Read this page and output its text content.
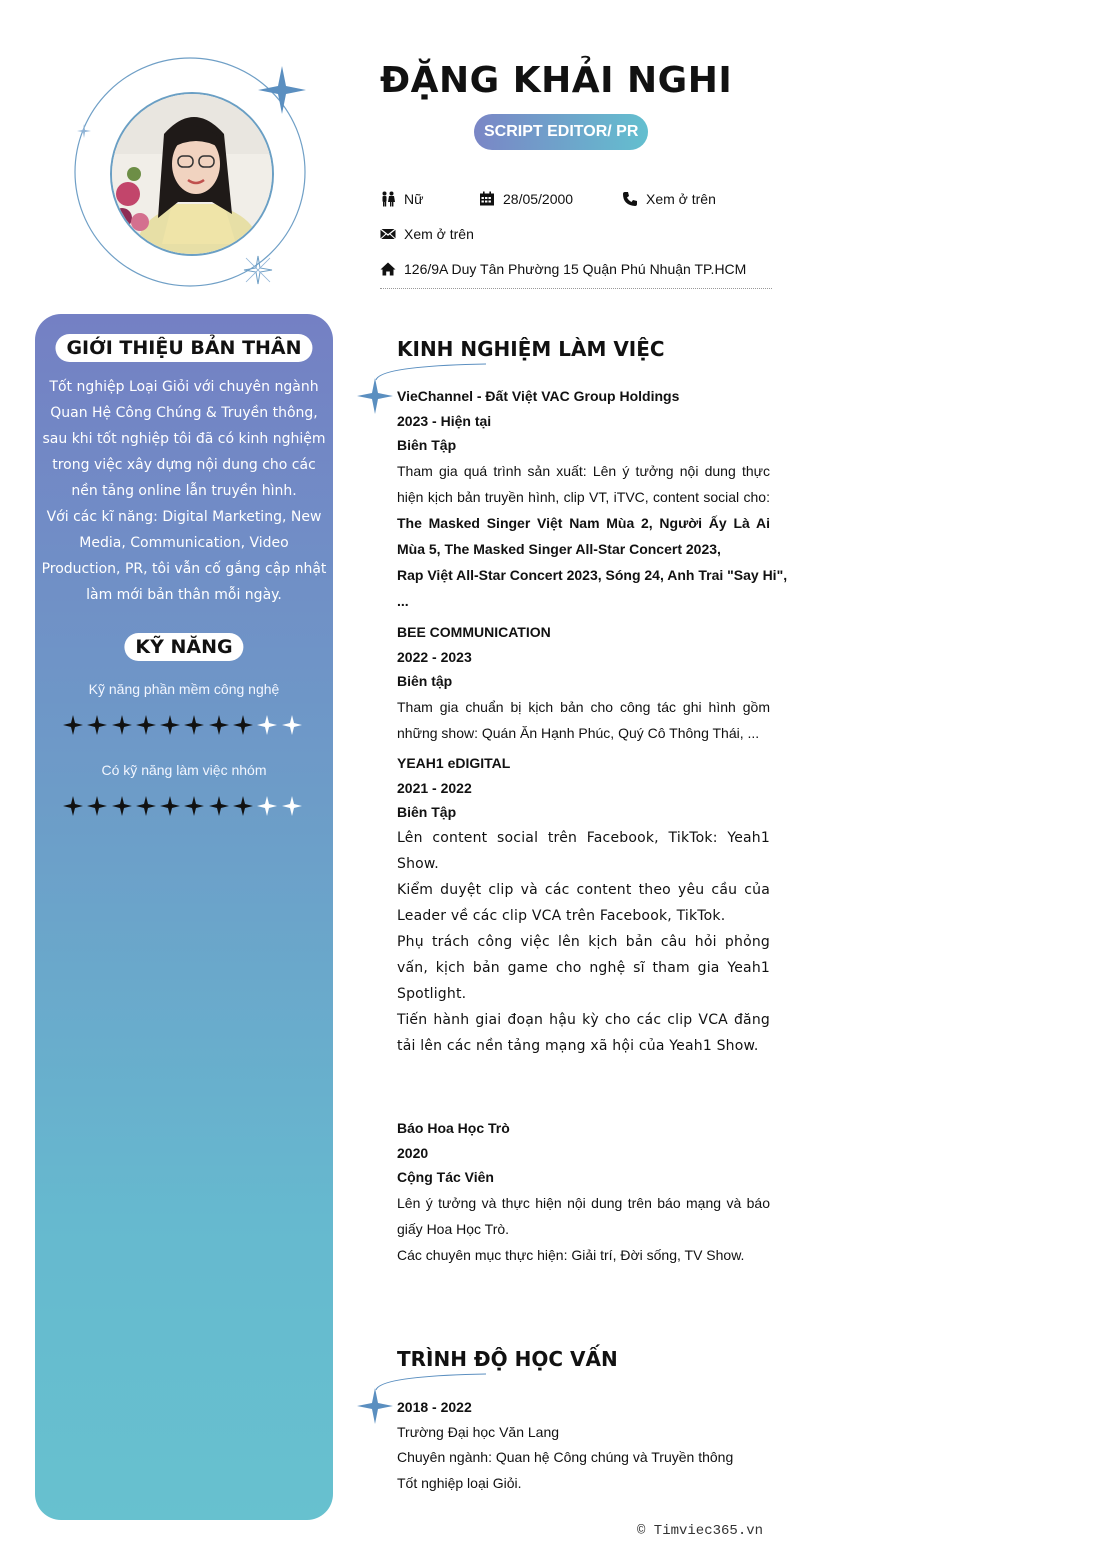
ĐẶNG KHẢI NGHI
SCRIPT EDITOR/ PR
Nữ	28/05/2000	Xem ở trên
Xem ở trên
126/9A Duy Tân Phường 15 Quận Phú Nhuận TP.HCM
GIỚI THIỆU BẢN THÂN
Tốt nghiệp Loại Giỏi với chuyên ngành
Quan Hệ Công Chúng & Truyền thông,
sau khi tốt nghiệp tôi đã có kinh nghiệm
trong việc xây dựng nội dung cho các
nền tảng online lẫn truyền hình.
Với các kĩ năng: Digital Marketing, New
Media, Communication, Video
Production, PR, tôi vẫn cố gắng cập nhật
làm mới bản thân mỗi ngày.
KỸ NĂNG
Kỹ năng phần mềm công nghệ
Có kỹ năng làm việc nhóm
KINH NGHIỆM LÀM VIỆC
VieChannel - Đất Việt VAC Group Holdings
2023 - Hiện tại
Biên Tập
Tham gia quá trình sản xuất: Lên ý tưởng nội dung thực hiện kịch bản truyền hình, clip VT, iTVC, content social cho: The Masked Singer Việt Nam Mùa 2, Người Ấy Là Ai Mùa 5, The Masked Singer All-Star Concert 2023,
Rap Việt All-Star Concert 2023, Sóng 24, Anh Trai "Say Hi",
...
BEE COMMUNICATION
2022 - 2023
Biên tập
Tham gia chuẩn bị kịch bản cho công tác ghi hình gồm những show: Quán Ăn Hạnh Phúc, Quý Cô Thông Thái, ...
YEAH1 eDIGITAL
2021 - 2022
Biên Tập
Lên content social trên Facebook, TikTok: Yeah1 Show.
Kiểm duyệt clip và các content theo yêu cầu của Leader về các clip VCA trên Facebook, TikTok.
Phụ trách công việc lên kịch bản câu hỏi phỏng vấn, kịch bản game cho nghệ sĩ tham gia Yeah1 Spotlight.
Tiến hành giai đoạn hậu kỳ cho các clip VCA đăng tải lên các nền tảng mạng xã hội của Yeah1 Show.
Báo Hoa Học Trò
2020
Cộng Tác Viên
Lên ý tưởng và thực hiện nội dung trên báo mạng và báo giấy Hoa Học Trò.
Các chuyên mục thực hiện: Giải trí, Đời sống, TV Show.
TRÌNH ĐỘ HỌC VẤN
2018 - 2022
Trường Đại học Văn Lang
Chuyên ngành: Quan hệ Công chúng và Truyền thông
Tốt nghiệp loại Giỏi.
© Timviec365.vn
